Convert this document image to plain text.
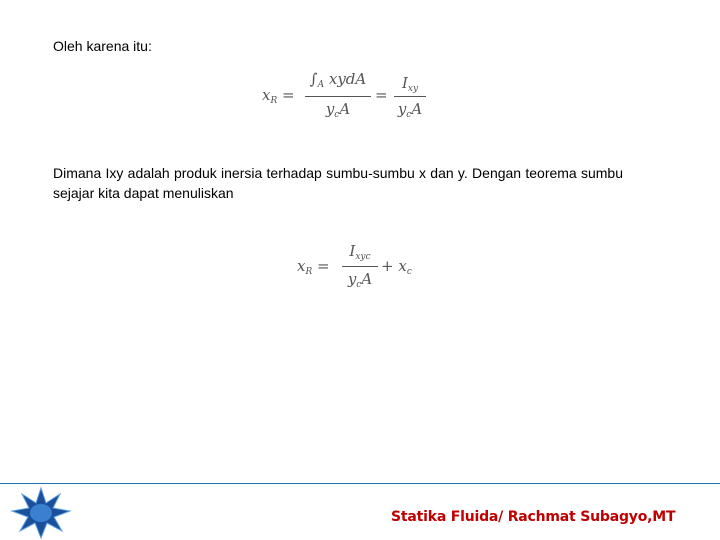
Oleh karena itu:
$x_R$ =
$\int_A$ xydA
$y_cA$
=
$I_{xy}$
$y_cA$
Dimana Ixy adalah produk inersia terhadap sumbu-sumbu x dan y. Dengan teorema sumbu sejajar kita dapat menuliskan
$x_R$ =
$I_{xyc}$
$y_cA$
+ $x_c$
Statika Fluida/ Rachmat Subagyo,MT
